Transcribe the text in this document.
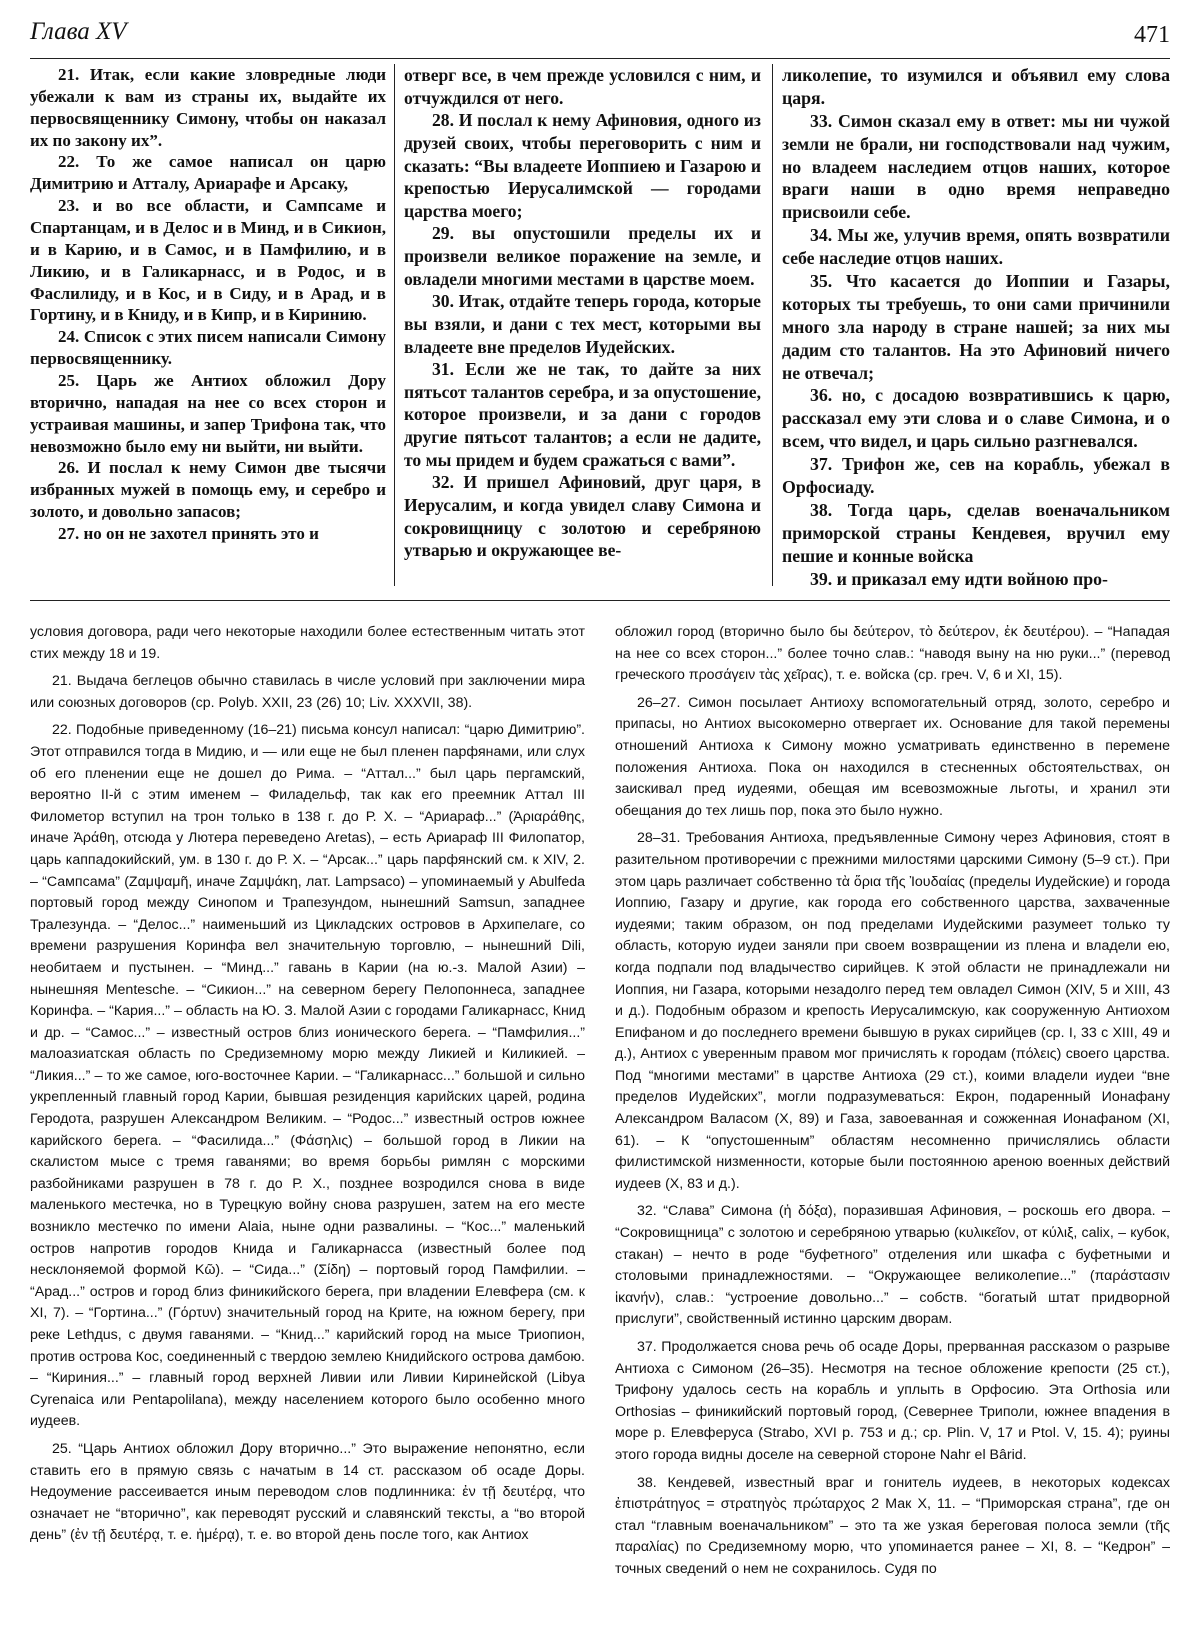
Глава XV	471

21. Итак, если какие зловредные люди убежали к вам из страны их, выдайте их первосвященнику Симону, чтобы он наказал их по закону их”.

22. То же самое написал он царю Димитрию и Атталу, Ариарафе и Арсаку,

23. и во все области, и Сампсаме и Спартанцам, и в Делос и в Минд, и в Сикион, и в Карию, и в Самос, и в Памфилию, и в Ликию, и в Галикарнасс, и в Родос, и в Фаслилиду, и в Кос, и в Сиду, и в Арад, и в Гортину, и в Книду, и в Кипр, и в Киринию.

24. Список с этих писем написали Симону первосвященнику.

25. Царь же Антиох обложил Дору вторично, нападая на нее со всех сторон и устраивая машины, и запер Трифона так, что невозможно было ему ни выйти, ни выйти.

26. И послал к нему Симон две тысячи избранных мужей в помощь ему, и серебро и золото, и довольно запасов;

27. но он не захотел принять это и

отверг все, в чем прежде условился с ним, и отчуждился от него.

28. И послал к нему Афиновия, одного из друзей своих, чтобы переговорить с ним и сказать: “Вы владеете Иоппиею и Газарою и крепостью Иерусалимской — городами царства моего;

29. вы опустошили пределы их и произвели великое поражение на земле, и овладели многими местами в царстве моем.

30. Итак, отдайте теперь города, которые вы взяли, и дани с тех мест, которыми вы владеете вне пределов Иудейских.

31. Если же не так, то дайте за них пятьсот талантов серебра, и за опустошение, которое произвели, и за дани с городов другие пятьсот талантов; а если не дадите, то мы придем и будем сражаться с вами”.

32. И пришел Афиновий, друг царя, в Иерусалим, и когда увидел славу Симона и сокровищницу с золотою и серебряною утварью и окружающее ве-

ликолепие, то изумился и объявил ему слова царя.

33. Симон сказал ему в ответ: мы ни чужой земли не брали, ни господствовали над чужим, но владеем наследием отцов наших, которое враги наши в одно время неправедно присвоили себе.

34. Мы же, улучив время, опять возвратили себе наследие отцов наших.

35. Что касается до Иоппии и Газары, которых ты требуешь, то они сами причинили много зла народу в стране нашей; за них мы дадим сто талантов. На это Афиновий ничего не отвечал;

36. но, с досадою возвратившись к царю, рассказал ему эти слова и о славе Симона, и о всем, что видел, и царь сильно разгневался.

37. Трифон же, сев на корабль, убежал в Орфосиаду.

38. Тогда царь, сделав военачальником приморской страны Кендевея, вручил ему пешие и конные войска

39. и приказал ему идти войною про-

условия договора, ради чего некоторые находили более естественным читать этот стих между 18 и 19.

21. Выдача беглецов обычно ставилась в числе условий при заключении мира или союзных договоров (ср. Polyb. XXII, 23 (26) 10; Liv. XXXVII, 38).

22. Подобные приведенному (16–21) письма консул написал: “царю Димитрию”. Этот отправился тогда в Мидию, и — или еще не был пленен парфянами, или слух об его пленении еще не дошел до Рима. – “Аттал...” был царь пергамский, вероятно II-й с этим именем – Филадельф, так как его преемник Аттал III Филометор вступил на трон только в 138 г. до Р. Х. – “Ариараф...” (Ἀριαράθης, иначе Ἀράθη, отсюда у Лютера переведено Aretas), – есть Ариараф III Филопатор, царь каппадокийский, ум. в 130 г. до Р. Х. – “Арсак...” царь парфянский см. к XIV, 2. – “Сампсама” (Ζαμψαμῆ, иначе Ζαμψάκη, лат. Lampsaco) – упоминаемый у Abulfeda портовый город между Синопом и Трапезундом, нынешний Samsun, западнее Тралезунда. – “Делос...” наименьший из Цикладских островов в Архипелаге, со времени разрушения Коринфа вел значительную торговлю, – нынешний Dili, необитаем и пустынен. – “Минд...” гавань в Карии (на ю.-з. Малой Азии) – нынешняя Mentesche. – “Сикион...” на северном берегу Пелопоннеса, западнее Коринфа. – “Кария...” – область на Ю. З. Малой Азии с городами Галикарнасс, Книд и др. – “Самос...” – известный остров близ ионического берега. – “Памфилия...” малоазиатская область по Средиземному морю между Ликией и Киликией. – “Ликия...” – то же самое, юго-восточнее Карии. – “Галикарнасс...” большой и сильно укрепленный главный город Карии, бывшая резиденция карийских царей, родина Геродота, разрушен Александром Великим. – “Родос...” известный остров южнее карийского берега. – “Фасилида...” (Φάσηλις) – большой город в Ликии на скалистом мысе с тремя гаванями; во время борьбы римлян с морскими разбойниками разрушен в 78 г. до Р. Х., позднее возродился снова в виде маленького местечка, но в Турецкую войну снова разрушен, затем на его месте возникло местечко по имени Alaia, ныне одни развалины. – “Кос...” маленький остров напротив городов Книда и Галикарнасса (известный более под несклоняемой формой Κῶ). – “Сида...” (Σίδη) – портовый город Памфилии. – “Арад...” остров и город близ финикийского берега, при владении Елевфера (см. к XI, 7). – “Гортина...” (Γόρτυν) значительный город на Крите, на южном берегу, при реке Lethдus, с двумя гаванями. – “Книд...” карийский город на мысе Триопион, против острова Кос, соединенный с твердою землею Книдийского острова дамбою. – “Кириния...” – главный город верхней Ливии или Ливии Киринейской (Libya Cyrenaica или Pentapolilana), между населением которого было особенно много иудеев.

25. “Царь Антиох обложил Дору вторично...” Это выражение непонятно, если ставить его в прямую связь с начатым в 14 ст. рассказом об осаде Доры. Недоумение рассеивается иным переводом слов подлинника: ἐν τῇ δευτέρᾳ, что означает не “вторично”, как переводят русский и славянский тексты, а “во второй день” (ἐν τῇ δευτέρᾳ, т. е. ἡμέρᾳ), т. е. во второй день после того, как Антиох

обложил город (вторично было бы δεύτερον, τὸ δεύτερον, ἐκ δευτέρου). – “Нападая на нее со всех сторон...” более точно слав.: “наводя выну на ню руки...” (перевод греческого προσάγειν τὰς χεῖρας), т. е. войска (ср. греч. V, 6 и XI, 15).

26–27. Симон посылает Антиоху вспомогательный отряд, золото, серебро и припасы, но Антиох высокомерно отвергает их. Основание для такой перемены отношений Антиоха к Симону можно усматривать единственно в перемене положения Антиоха. Пока он находился в стесненных обстоятельствах, он заискивал пред иудеями, обещая им всевозможные льготы, и хранил эти обещания до тех лишь пор, пока это было нужно.

28–31. Требования Антиоха, предъявленные Симону через Афиновия, стоят в разительном противоречии с прежними милостями царскими Симону (5–9 ст.). При этом царь различает собственно τὰ ὅρια τῆς Ἰουδαίας (пределы Иудейские) и города Иоппию, Газару и другие, как города его собственного царства, захваченные иудеями; таким образом, он под пределами Иудейскими разумеет только ту область, которую иудеи заняли при своем возвращении из плена и владели ею, когда подпали под владычество сирийцев. К этой области не принадлежали ни Иоппия, ни Газара, которыми незадолго перед тем овладел Симон (XIV, 5 и XIII, 43 и д.). Подобным образом и крепость Иерусалимскую, как сооруженную Антиохом Епифаном и до последнего времени бывшую в руках сирийцев (ср. I, 33 с XIII, 49 и д.), Антиох с уверенным правом мог причислять к городам (πόλεις) своего царства. Под “многими местами” в царстве Антиоха (29 ст.), коими владели иудеи “вне пределов Иудейских”, могли подразумеваться: Екрон, подаренный Ионафану Александром Валасом (X, 89) и Газа, завоеванная и сожженная Ионафаном (XI, 61). – К “опустошенным” областям несомненно причислялись области филистимской низменности, которые были постоянною ареною военных действий иудеев (X, 83 и д.).

32. “Слава” Симона (ἡ δόξα), поразившая Афиновия, – роскошь его двора. – “Сокровищница” с золотою и серебряною утварью (κυλικεῖον, от κύλιξ, calix, – кубок, стакан) – нечто в роде “буфетного” отделения или шкафа с буфетными и столовыми принадлежностями. – “Окружающее великолепие...” (παράστασιν ἱκανήν), слав.: “устроение довольно...” – собств. “богатый штат придворной прислуги”, свойственный истинно царским дворам.

37. Продолжается снова речь об осаде Доры, прерванная рассказом о разрыве Антиоха с Симоном (26–35). Несмотря на тесное обложение крепости (25 ст.), Трифону удалось сесть на корабль и уплыть в Орфосию. Эта Orthosia или Orthosias – финикийский портовый город, (Севернее Триполи, южнее впадения в море р. Елевферуса (Strabo, XVI р. 753 и д.; ср. Plin. V, 17 и Ptol. V, 15. 4); руины этого города видны доселе на северной стороне Nahr el Bârid.

38. Кендевей, известный враг и гонитель иудеев, в некоторых кодексах ἐπιστράτηγος = στρατηγὸς πρώταρχος 2 Мак X, 11. – “Приморская страна”, где он стал “главным военачальником” – это та же узкая береговая полоса земли (τῆς παραλίας) по Средиземному морю, что упоминается ранее – XI, 8. – “Кедрон” – точных сведений о нем не сохранилось. Судя по
